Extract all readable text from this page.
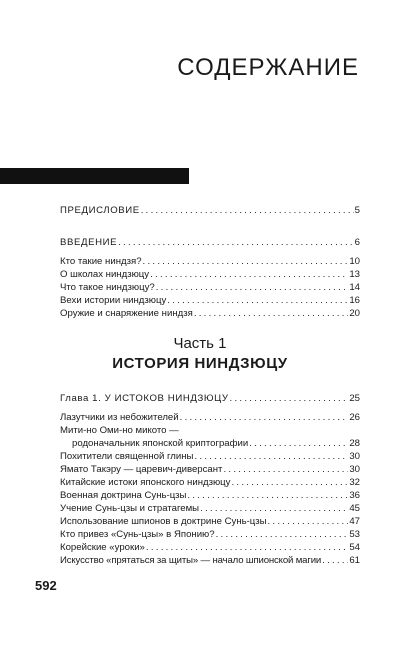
СОДЕРЖАНИЕ
ПРЕДИСЛОВИЕ . . .	5
ВВЕДЕНИЕ . . .	6
Кто такие ниндзя? . . .	10
О школах ниндзюцу . . .	13
Что такое ниндзюцу? . . .	14
Вехи истории ниндзюцу . . .	16
Оружие и снаряжение ниндзя . . .	20
Часть 1
ИСТОРИЯ НИНДЗЮЦУ
Глава 1. У ИСТОКОВ НИНДЗЮЦУ . . .	25
Лазутчики из небожителей . . .	26
Мити-но Оми-но микото —
родоначальник японской криптографии . . .	28
Похитители священной глины . . .	30
Ямато Такэру — царевич-диверсант . . .	30
Китайские истоки японского ниндзюцу . . .	32
Военная доктрина Сунь-цзы . . .	36
Учение Сунь-цзы и стратагемы . . .	45
Использование шпионов в доктрине Сунь-цзы . . .	47
Кто привез «Сунь-цзы» в Японию? . . .	53
Корейские «уроки» . . .	54
Искусство «прятаться за щиты» — начало шпионской магии . . .	61
592
